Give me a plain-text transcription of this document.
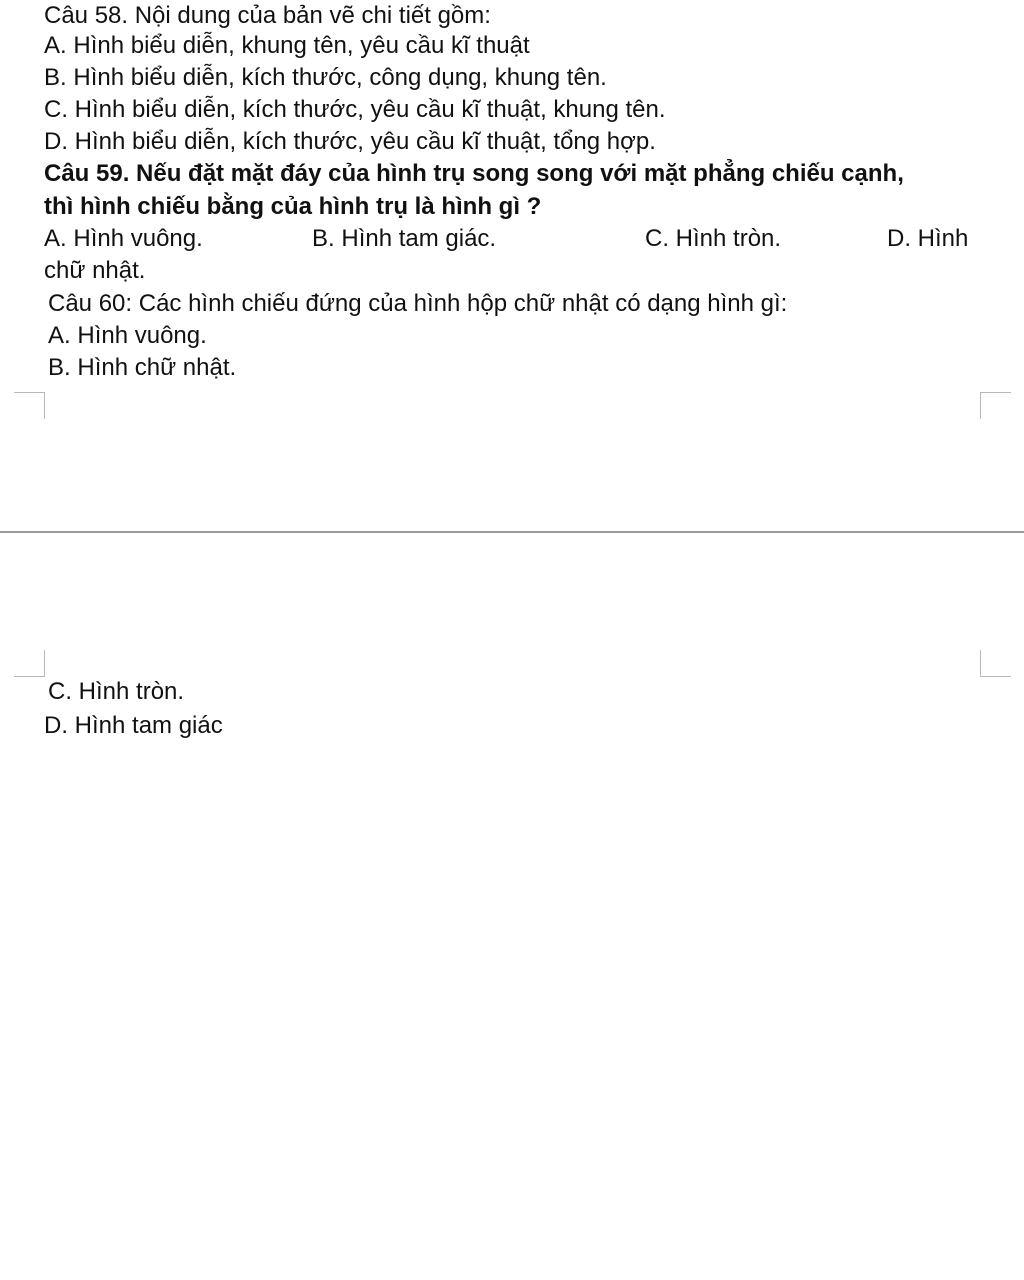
Câu 58. Nội dung của bản vẽ chi tiết gồm:
A. Hình biểu diễn, khung tên, yêu cầu kĩ thuật
B. Hình biểu diễn, kích thước, công dụng, khung tên.
C. Hình biểu diễn, kích thước, yêu cầu kĩ thuật, khung tên.
D. Hình biểu diễn, kích thước, yêu cầu kĩ thuật, tổng hợp.
Câu 59. Nếu đặt mặt đáy của hình trụ song song với mặt phẳng chiếu cạnh,
thì hình chiếu bằng của hình trụ là hình gì ?
A. Hình vuông.	B. Hình tam giác.	C. Hình tròn.	D. Hình
chữ nhật.
Câu 60: Các hình chiếu đứng của hình hộp chữ nhật có dạng hình gì:
A. Hình vuông.
B. Hình chữ nhật.
C. Hình tròn.
D. Hình tam giác
